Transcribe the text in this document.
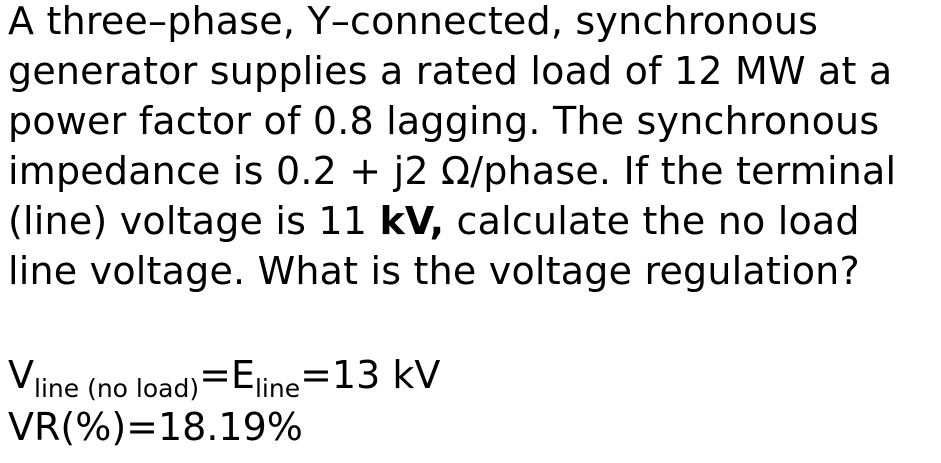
A three–phase, Y–connected, synchronous generator supplies a rated load of 12 MW at a power factor of 0.8 lagging. The synchronous impedance is 0.2 + j2 Ω/phase. If the terminal (line) voltage is 11 kV, calculate the no load line voltage. What is the voltage regulation?
$V_{line (no load)}=E_{line}=13$ kV
VR(%)=18.19%
